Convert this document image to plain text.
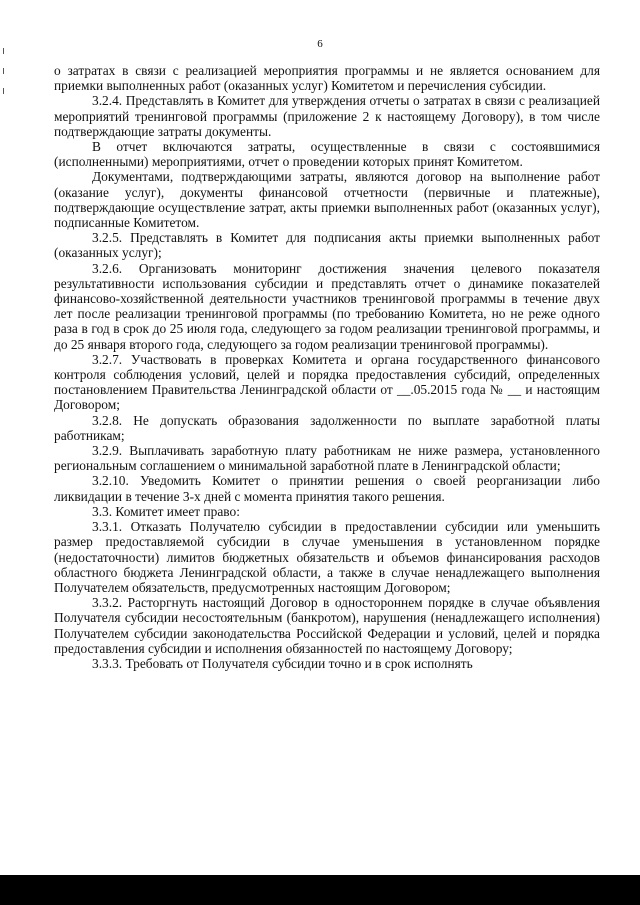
6

о затратах в связи с реализацией мероприятия программы и не является основанием для приемки выполненных работ (оказанных услуг) Комитетом и перечисления субсидии.

3.2.4. Представлять в Комитет для утверждения отчеты о затратах в связи с реализацией мероприятий тренинговой программы (приложение 2 к настоящему Договору), в том числе подтверждающие затраты документы.

В отчет включаются затраты, осуществленные в связи с состоявшимися (исполненными) мероприятиями, отчет о проведении которых принят Комитетом.

Документами, подтверждающими затраты, являются договор на выполнение работ (оказание услуг), документы финансовой отчетности (первичные и платежные), подтверждающие осуществление затрат, акты приемки выполненных работ (оказанных услуг), подписанные Комитетом.

3.2.5. Представлять в Комитет для подписания акты приемки выполненных работ (оказанных услуг);

3.2.6. Организовать мониторинг достижения значения целевого показателя результативности использования субсидии и представлять отчет о динамике показателей финансово-хозяйственной деятельности участников тренинговой программы в течение двух лет после реализации тренинговой программы (по требованию Комитета, но не реже одного раза в год в срок до 25 июля года, следующего за годом реализации тренинговой программы, и до 25 января второго года, следующего за годом реализации тренинговой программы).

3.2.7. Участвовать в проверках Комитета и органа государственного финансового контроля соблюдения условий, целей и порядка предоставления субсидий, определенных постановлением Правительства Ленинградской области от __.05.2015 года № __ и настоящим Договором;

3.2.8. Не допускать образования задолженности по выплате заработной платы работникам;

3.2.9. Выплачивать заработную плату работникам не ниже размера, установленного региональным соглашением о минимальной заработной плате в Ленинградской области;

3.2.10. Уведомить Комитет о принятии решения о своей реорганизации либо ликвидации в течение 3-х дней с момента принятия такого решения.

3.3. Комитет имеет право:

3.3.1. Отказать Получателю субсидии в предоставлении субсидии или уменьшить размер предоставляемой субсидии в случае уменьшения в установленном порядке (недостаточности) лимитов бюджетных обязательств и объемов финансирования расходов областного бюджета Ленинградской области, а также в случае ненадлежащего выполнения Получателем обязательств, предусмотренных настоящим Договором;

3.3.2. Расторгнуть настоящий Договор в одностороннем порядке в случае объявления Получателя субсидии несостоятельным (банкротом), нарушения (ненадлежащего исполнения) Получателем субсидии законодательства Российской Федерации и условий, целей и порядка предоставления субсидии и исполнения обязанностей по настоящему Договору;

3.3.3. Требовать от Получателя субсидии точно и в срок исполнять
